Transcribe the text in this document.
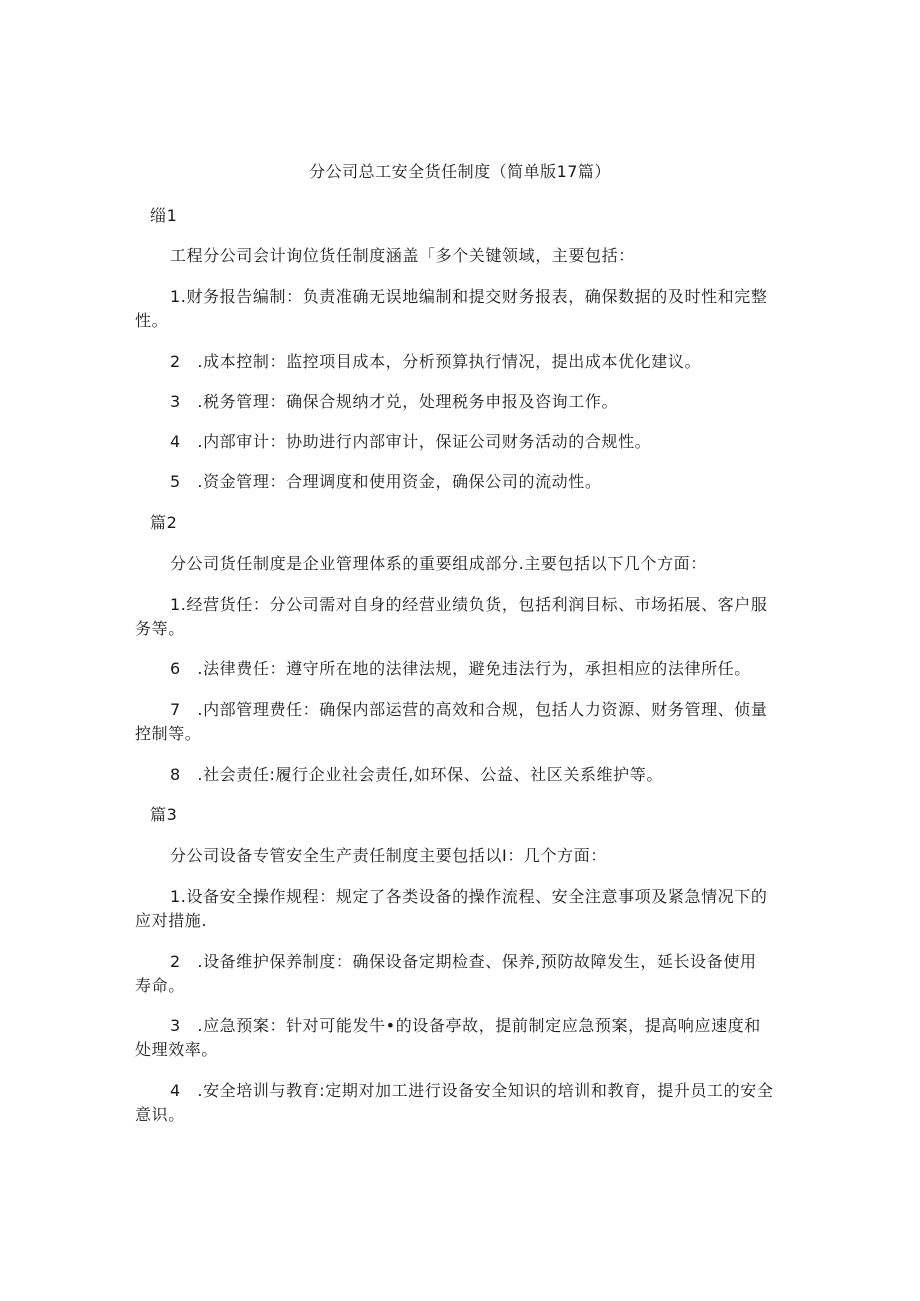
分公司总工安全货任制度（简单版17篇）
缁1
工程分公司会计询位货任制度涵盖「多个关键领域，主要包括：
1.财务报告编制：负责准确无误地编制和提交财务报表，确保数据的及时性和完整
性。
2　.成本控制：监控项目成本，分析预算执行情况，提出成本优化建议。
3　.税务管理：确保合规纳才兑，处理税务申报及咨询工作。
4　.内部审计：协助进行内部审计，保证公司财务活动的合规性。
5　.资金管理：合理调度和使用资金，确保公司的流动性。
篇2
分公司货任制度是企业管理体系的重要组成部分.主要包括以下几个方面：
1.经营货任：分公司需对自身的经营业绩负货，包括利润目标、市场拓展、客户服
务等。
6　.法律费任：遵守所在地的法律法规，避免违法行为，承担相应的法律所任。
7　.内部管理费任：确保内部运营的高效和合规，包括人力资源、财务管理、侦量
控制等。
8　.社会责任:履行企业社会责任,如环保、公益、社区关系维护等。
篇3
分公司设备专管安全生产责任制度主要包括以I：几个方面：
1.设备安全操作规程：规定了各类设备的操作流程、安全注意事项及紧急情况下的
应对措施.
2　.设备维护保养制度：确保设备定期检查、保养,预防故障发生，延长设备使用
寿命。
3　.应急预案：针对可能发牛•的设备亭故，提前制定应急预案，提高响应速度和
处理效率。
4　.安全培训与教育:定期对加工进行设备安全知识的培训和教育，提升员工的安全
意识。
